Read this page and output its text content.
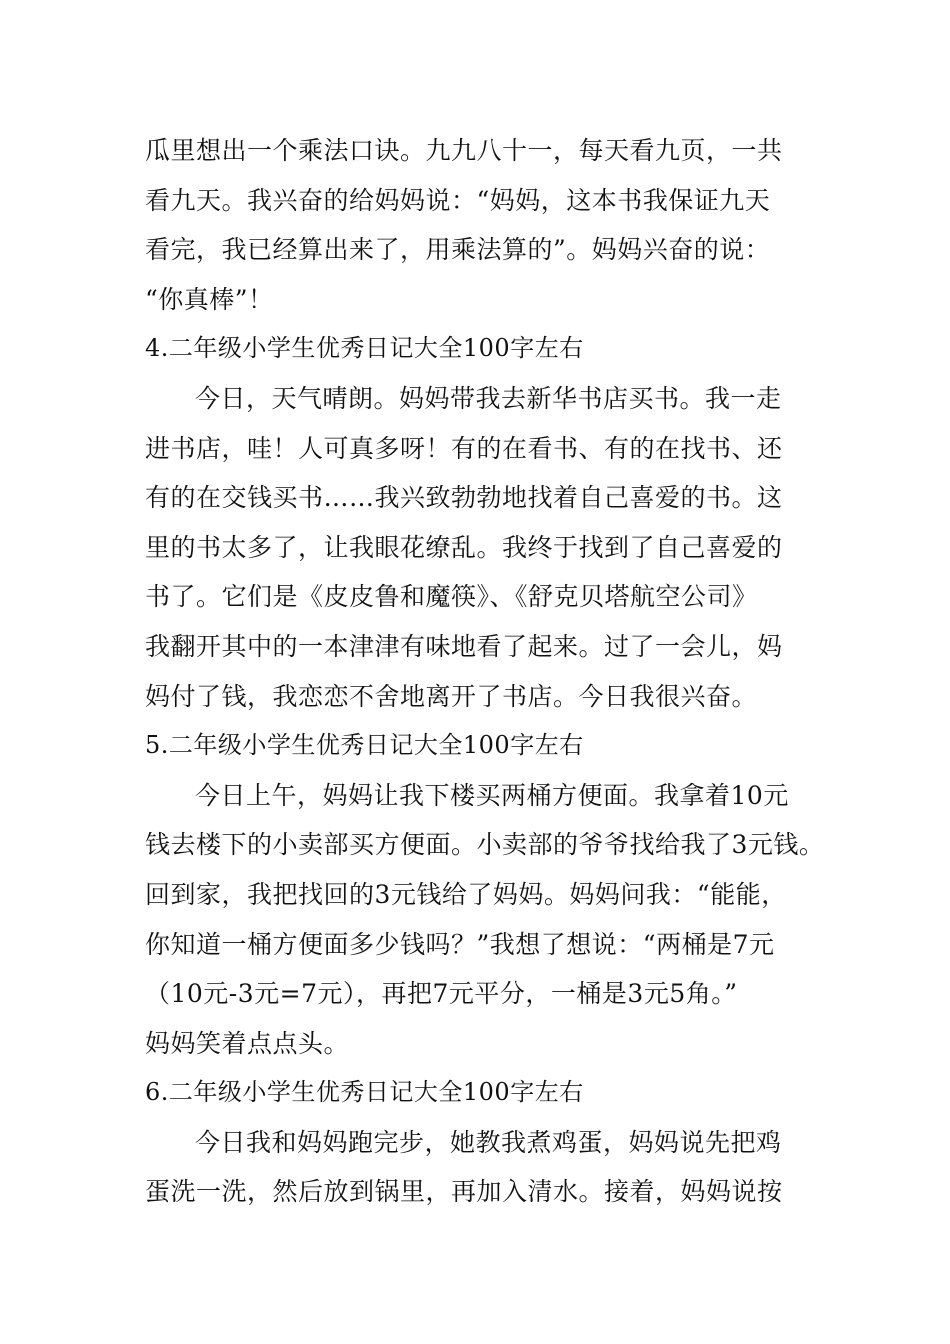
瓜里想出一个乘法口诀。九九八十一，每天看九页，一共
看九天。我兴奋的给妈妈说：“妈妈，这本书我保证九天
看完，我已经算出来了，用乘法算的”。妈妈兴奋的说：
“你真棒”！
4.二年级小学生优秀日记大全100字左右
今日，天气晴朗。妈妈带我去新华书店买书。我一走
进书店，哇！人可真多呀！有的在看书、有的在找书、还
有的在交钱买书……我兴致勃勃地找着自己喜爱的书。这
里的书太多了，让我眼花缭乱。我终于找到了自己喜爱的
书了。它们是《皮皮鲁和魔筷》、《舒克贝塔航空公司》
我翻开其中的一本津津有味地看了起来。过了一会儿，妈
妈付了钱，我恋恋不舍地离开了书店。今日我很兴奋。
5.二年级小学生优秀日记大全100字左右
今日上午，妈妈让我下楼买两桶方便面。我拿着10元
钱去楼下的小卖部买方便面。小卖部的爷爷找给我了3元钱。
回到家，我把找回的3元钱给了妈妈。妈妈问我：“能能，
你知道一桶方便面多少钱吗？”我想了想说：“两桶是7元
（10元-3元=7元），再把7元平分，一桶是3元5角。”
妈妈笑着点点头。
6.二年级小学生优秀日记大全100字左右
今日我和妈妈跑完步，她教我煮鸡蛋，妈妈说先把鸡
蛋洗一洗，然后放到锅里，再加入清水。接着，妈妈说按
